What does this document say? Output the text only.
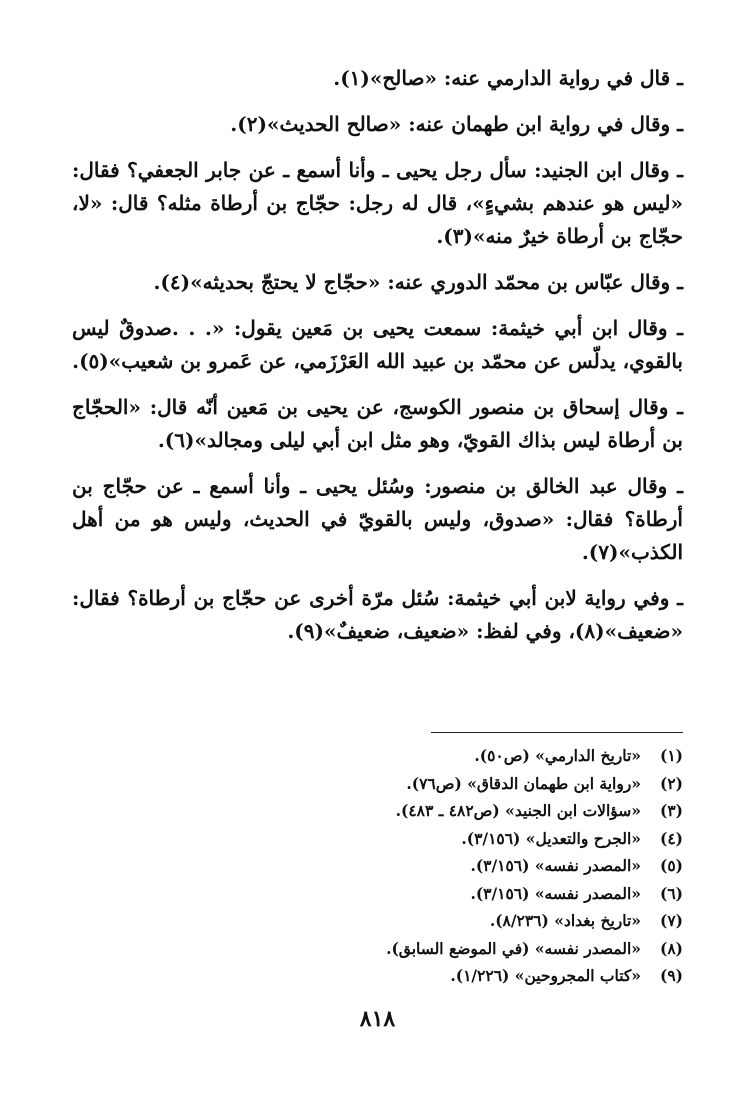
ـ قال في رواية الدارمي عنه: «صالح»(١).

ـ وقال في رواية ابن طهمان عنه: «صالح الحديث»(٢).

ـ وقال ابن الجنيد: سأل رجل يحيى ـ وأنا أسمع ـ عن جابر الجعفي؟ فقال: «ليس هو عندهم بشيءٍ»، قال له رجل: حجّاج بن أرطاة مثله؟ قال: «لا، حجّاج بن أرطاة خيرٌ منه»(٣).

ـ وقال عبّاس بن محمّد الدوري عنه: «حجّاج لا يحتجّ بحديثه»(٤).

ـ وقال ابن أبي خيثمة: سمعت يحيى بن مَعين يقول: «. . .صدوقٌ ليس بالقوي، يدلّس عن محمّد بن عبيد الله العَرْزَمي، عن عَمرو بن شعيب»(٥).

ـ وقال إسحاق بن منصور الكوسج، عن يحيى بن مَعين أنّه قال: «الحجّاج بن أرطاة ليس بذاك القويّ، وهو مثل ابن أبي ليلى ومجالد»(٦).

ـ وقال عبد الخالق بن منصور: وسُئل يحيى ـ وأنا أسمع ـ عن حجّاج بن أرطاة؟ فقال: «صدوق، وليس بالقويّ في الحديث، وليس هو من أهل الكذب»(٧).

ـ وفي رواية لابن أبي خيثمة: سُئل مرّة أخرى عن حجّاج بن أرطاة؟ فقال: «ضعيف»(٨)، وفي لفظ: «ضعيف، ضعيفٌ»(٩).

(١)«تاريخ الدارمي» (ص٥٠).
(٢)«رواية ابن طهمان الدقاق» (ص٧٦).
(٣)«سؤالات ابن الجنيد» (ص٤٨٢ ـ ٤٨٣).
(٤)«الجرح والتعديل» (٣/١٥٦).
(٥)«المصدر نفسه» (٣/١٥٦).
(٦)«المصدر نفسه» (٣/١٥٦).
(٧)«تاريخ بغداد» (٨/٢٣٦).
(٨)«المصدر نفسه» (في الموضع السابق).
(٩)«كتاب المجروحين» (١/٢٢٦).
٨١٨
